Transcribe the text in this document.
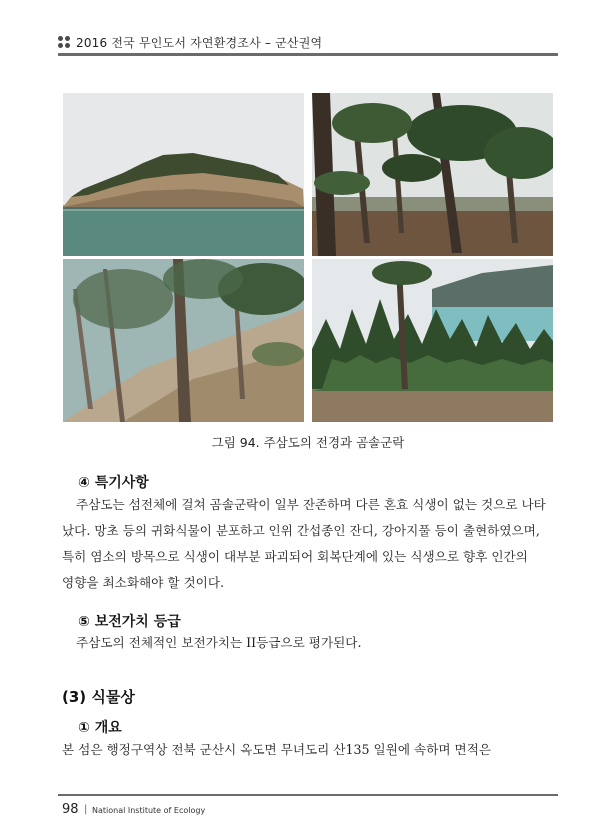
2016 전국 무인도서 자연환경조사 – 군산권역
그림 94. 주삼도의 전경과 곰솔군락
④ 특기사항
주삼도는 섬전체에 걸쳐 곰솔군락이 일부 잔존하며 다른 혼효 식생이 없는 것으로 나타
났다. 망초 등의 귀화식물이 분포하고 인위 간섭종인 잔디, 강아지풀 등이 출현하였으며,
특히 염소의 방목으로 식생이 대부분 파괴되어 회복단계에 있는 식생으로 향후 인간의
영향을 최소화해야 할 것이다.
⑤ 보전가치 등급
주삼도의 전체적인 보전가치는 II등급으로 평가된다.
(3) 식물상
① 개요
본 섬은 행정구역상 전북 군산시 옥도면 무녀도리 산135 일원에 속하며 면적은
98 | National Institute of Ecology
